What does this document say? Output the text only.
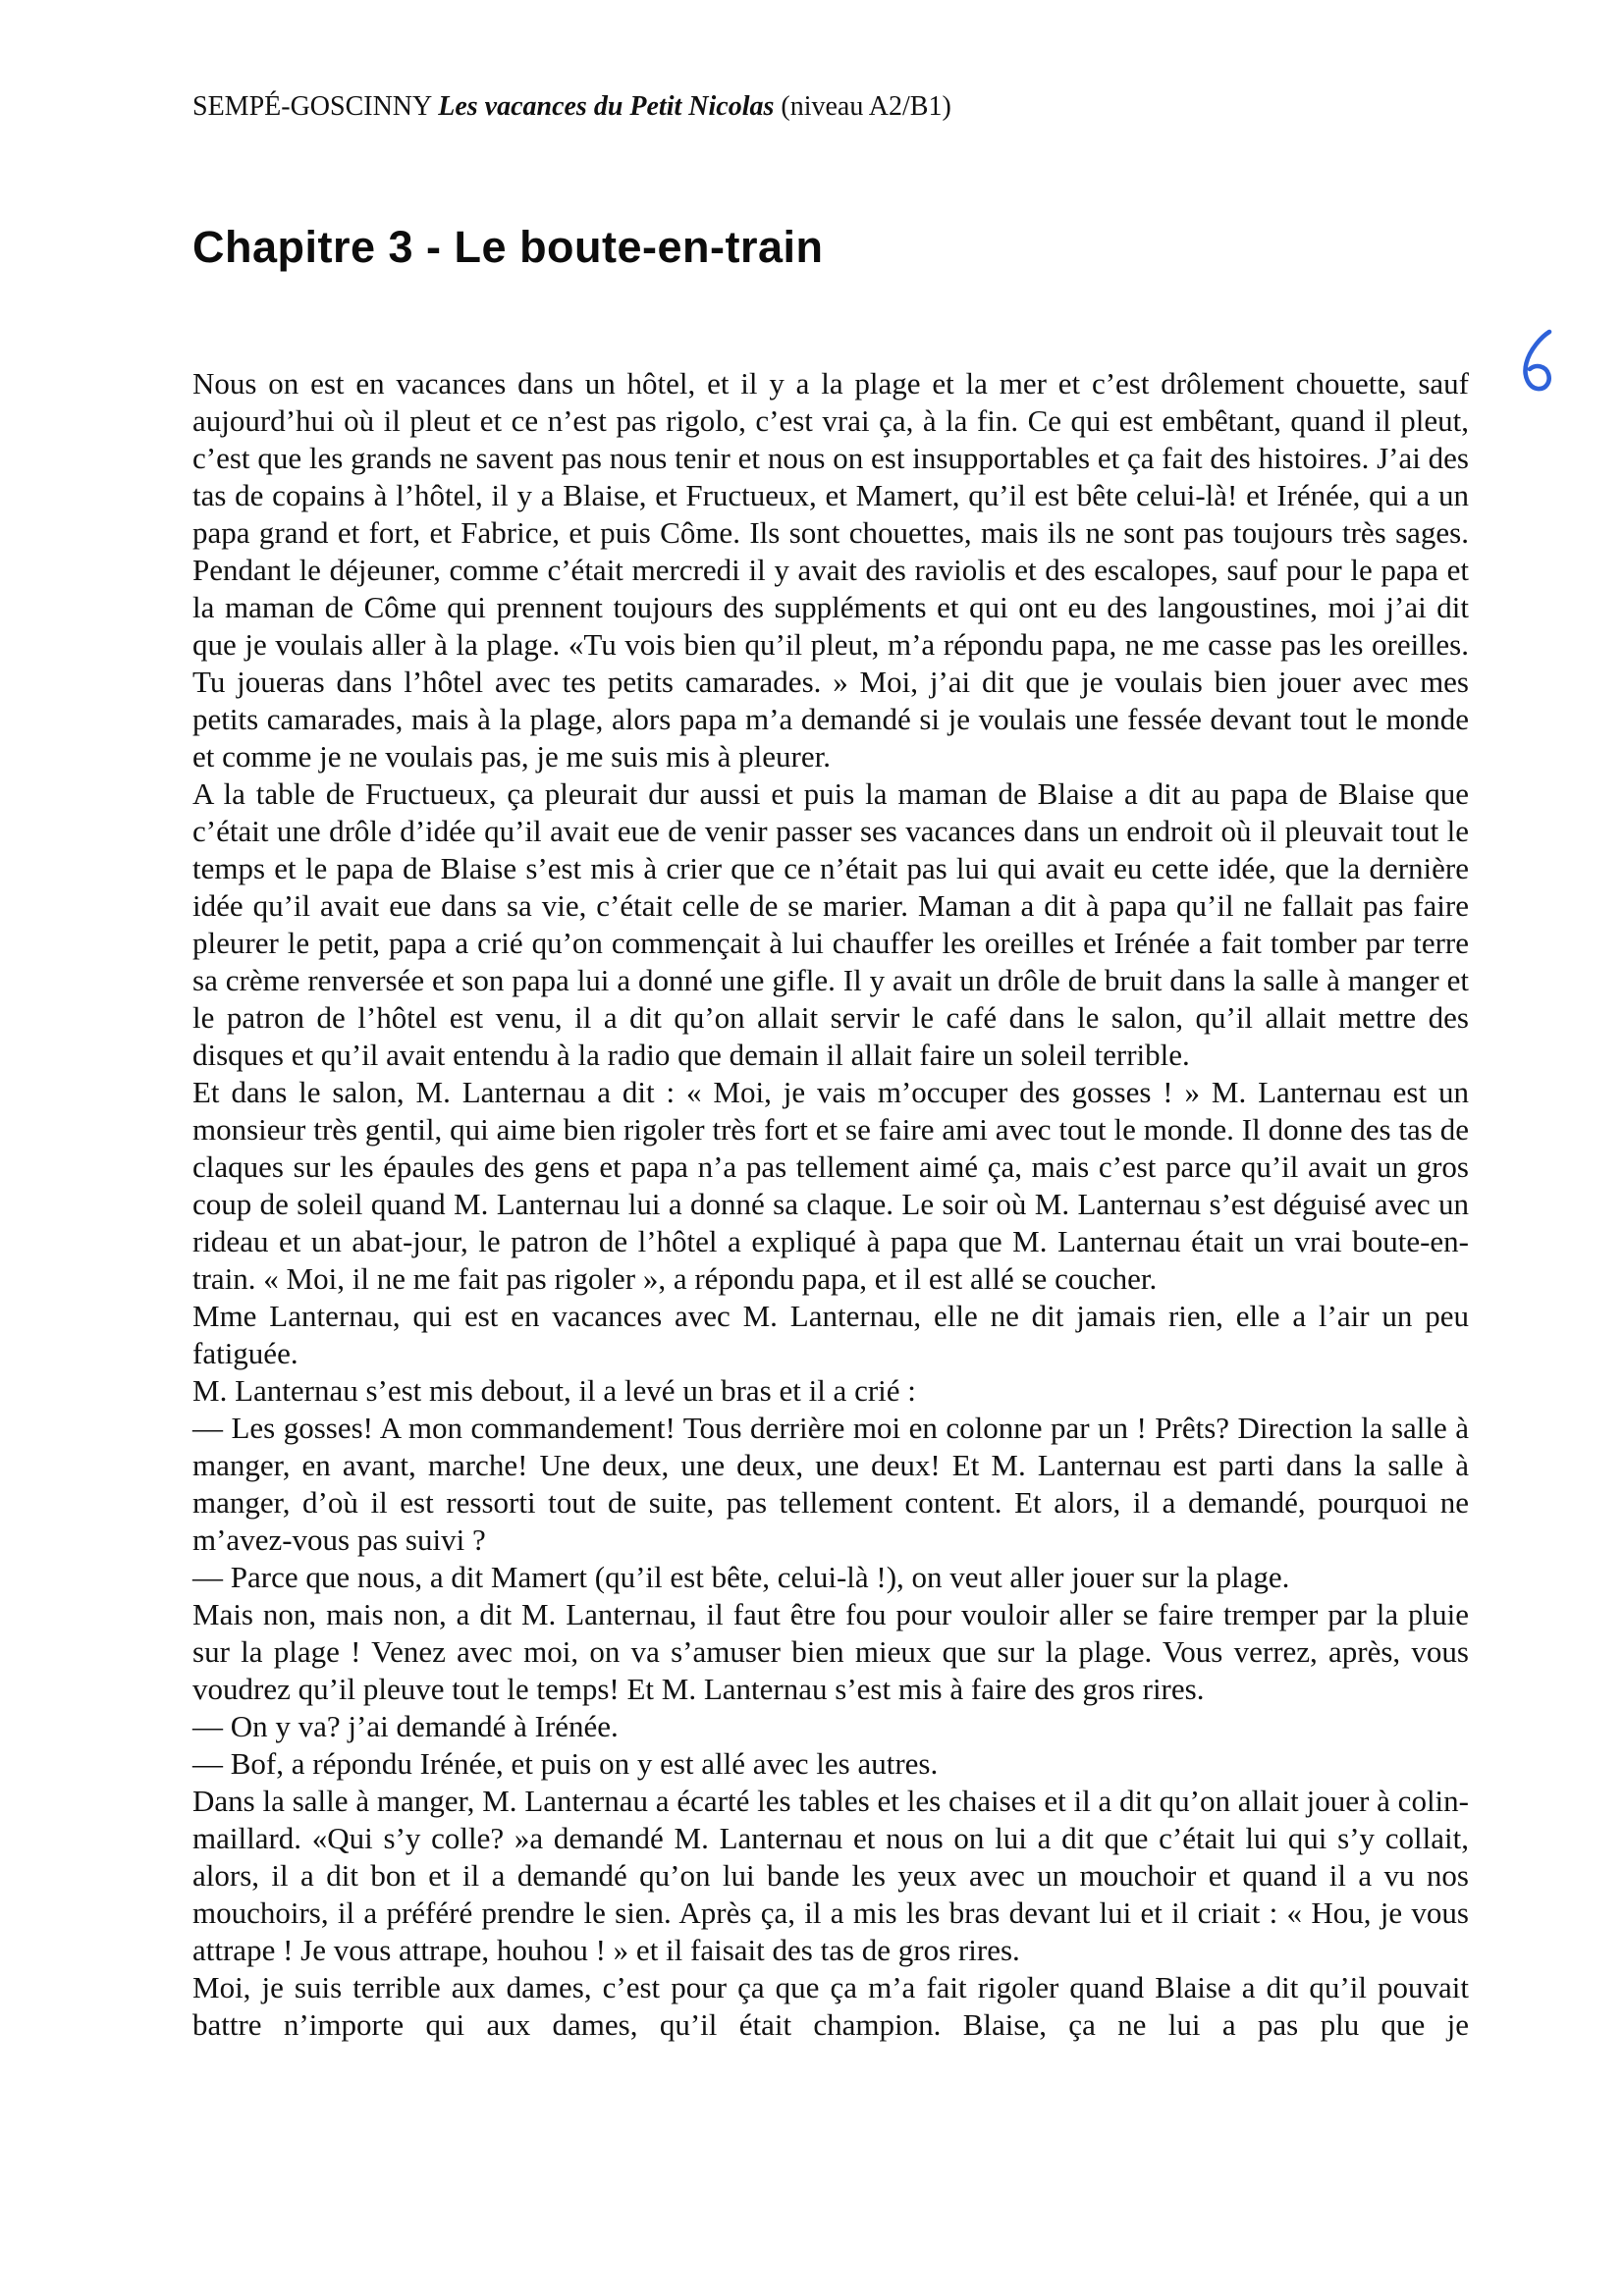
SEMPÉ-GOSCINNY Les vacances du Petit Nicolas (niveau A2/B1)
Chapitre 3 - Le boute-en-train

Nous on est en vacances dans un hôtel, et il y a la plage et la mer et c’est drôlement chouette, sauf aujourd’hui où il pleut et ce n’est pas rigolo, c’est vrai ça, à la fin. Ce qui est embêtant, quand il pleut, c’est que les grands ne savent pas nous tenir et nous on est insupportables et ça fait des histoires. J’ai des tas de copains à l’hôtel, il y a Blaise, et Fructueux, et Mamert, qu’il est bête celui-là! et Irénée, qui a un papa grand et fort, et Fabrice, et puis Côme. Ils sont chouettes, mais ils ne sont pas toujours très sages. Pendant le déjeuner, comme c’était mercredi il y avait des raviolis et des escalopes, sauf pour le papa et la maman de Côme qui prennent toujours des suppléments et qui ont eu des langoustines, moi j’ai dit que je voulais aller à la plage. «Tu vois bien qu’il pleut, m’a répondu papa, ne me casse pas les oreilles. Tu joueras dans l’hôtel avec tes petits camarades. » Moi, j’ai dit que je voulais bien jouer avec mes petits camarades, mais à la plage, alors papa m’a demandé si je voulais une fessée devant tout le monde et comme je ne voulais pas, je me suis mis à pleurer.

A la table de Fructueux, ça pleurait dur aussi et puis la maman de Blaise a dit au papa de Blaise que c’était une drôle d’idée qu’il avait eue de venir passer ses vacances dans un endroit où il pleuvait tout le temps et le papa de Blaise s’est mis à crier que ce n’était pas lui qui avait eu cette idée, que la dernière idée qu’il avait eue dans sa vie, c’était celle de se marier. Maman a dit à papa qu’il ne fallait pas faire pleurer le petit, papa a crié qu’on commençait à lui chauffer les oreilles et Irénée a fait tomber par terre sa crème renversée et son papa lui a donné une gifle. Il y avait un drôle de bruit dans la salle à manger et le patron de l’hôtel est venu, il a dit qu’on allait servir le café dans le salon, qu’il allait mettre des disques et qu’il avait entendu à la radio que demain il allait faire un soleil terrible.

Et dans le salon, M. Lanternau a dit : « Moi, je vais m’occuper des gosses ! » M. Lanternau est un monsieur très gentil, qui aime bien rigoler très fort et se faire ami avec tout le monde. Il donne des tas de claques sur les épaules des gens et papa n’a pas tellement aimé ça, mais c’est parce qu’il avait un gros coup de soleil quand M. Lanternau lui a donné sa claque. Le soir où M. Lanternau s’est déguisé avec un rideau et un abat-jour, le patron de l’hôtel a expliqué à papa que M. Lanternau était un vrai boute-en-train. « Moi, il ne me fait pas rigoler », a répondu papa, et il est allé se coucher.

Mme Lanternau, qui est en vacances avec M. Lanternau, elle ne dit jamais rien, elle a l’air un peu fatiguée.

M. Lanternau s’est mis debout, il a levé un bras et il a crié :

— Les gosses! A mon commandement! Tous derrière moi en colonne par un ! Prêts? Direction la salle à manger, en avant, marche! Une deux, une deux, une deux! Et M. Lanternau est parti dans la salle à manger, d’où il est ressorti tout de suite, pas tellement content. Et alors, il a demandé, pourquoi ne m’avez-vous pas suivi ?

— Parce que nous, a dit Mamert (qu’il est bête, celui-là !), on veut aller jouer sur la plage.

Mais non, mais non, a dit M. Lanternau, il faut être fou pour vouloir aller se faire tremper par la pluie sur la plage ! Venez avec moi, on va s’amuser bien mieux que sur la plage. Vous verrez, après, vous voudrez qu’il pleuve tout le temps! Et M. Lanternau s’est mis à faire des gros rires.

— On y va? j’ai demandé à Irénée.

— Bof, a répondu Irénée, et puis on y est allé avec les autres.

Dans la salle à manger, M. Lanternau a écarté les tables et les chaises et il a dit qu’on allait jouer à colin-maillard. «Qui s’y colle? »a demandé M. Lanternau et nous on lui a dit que c’était lui qui s’y collait, alors, il a dit bon et il a demandé qu’on lui bande les yeux avec un mouchoir et quand il a vu nos mouchoirs, il a préféré prendre le sien. Après ça, il a mis les bras devant lui et il criait : « Hou, je vous attrape ! Je vous attrape, houhou ! » et il faisait des tas de gros rires.

Moi, je suis terrible aux dames, c’est pour ça que ça m’a fait rigoler quand Blaise a dit qu’il pouvait battre n’importe qui aux dames, qu’il était champion. Blaise, ça ne lui a pas plu que je
